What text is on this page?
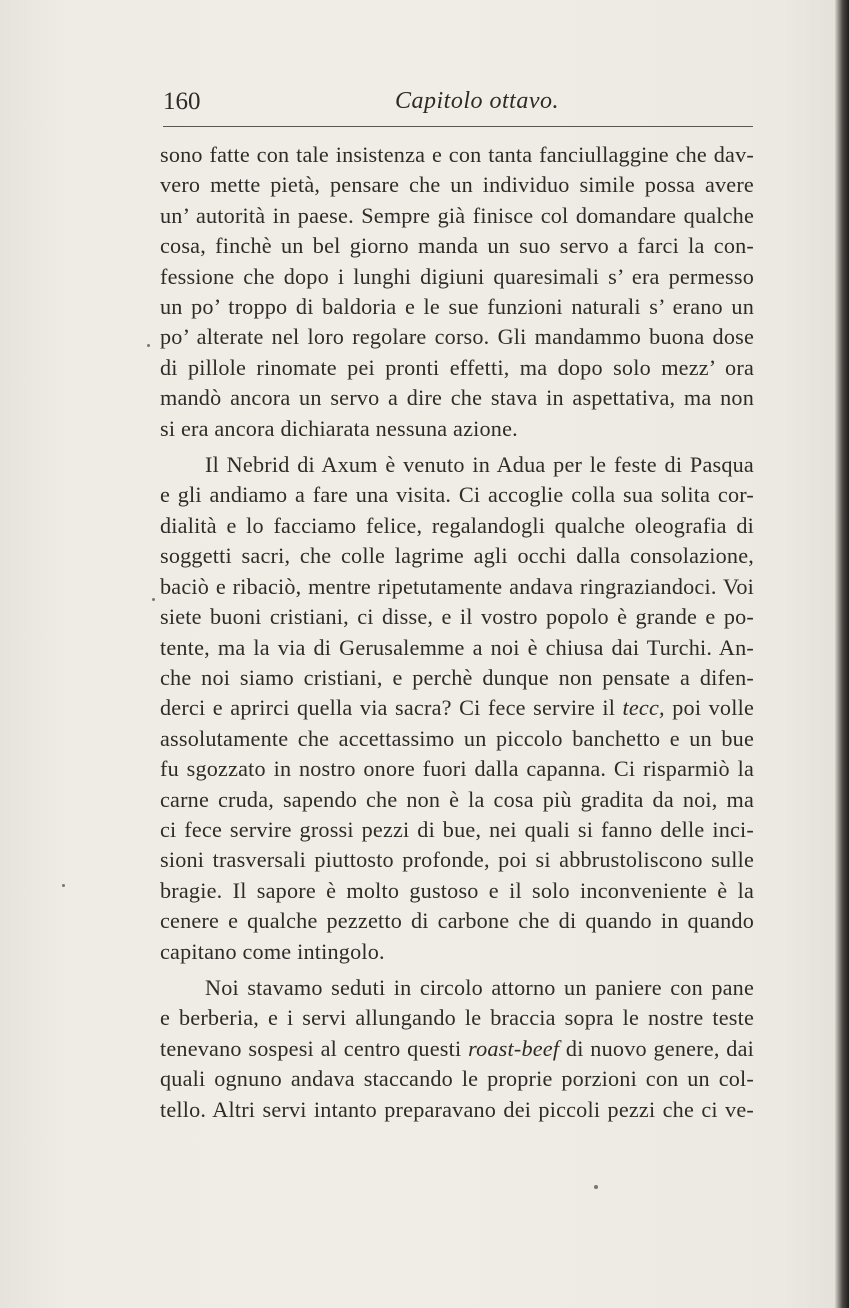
160	Capitolo ottavo.

sono fatte con tale insistenza e con tanta fanciullaggine che dav-
vero mette pietà, pensare che un individuo simile possa avere
un’ autorità in paese. Sempre già finisce col domandare qualche
cosa, finchè un bel giorno manda un suo servo a farci la con-
fessione che dopo i lunghi digiuni quaresimali s’ era permesso
un po’ troppo di baldoria e le sue funzioni naturali s’ erano un
po’ alterate nel loro regolare corso. Gli mandammo buona dose
di pillole rinomate pei pronti effetti, ma dopo solo mezz’ ora
mandò ancora un servo a dire che stava in aspettativa, ma non
si era ancora dichiarata nessuna azione.

Il Nebrid di Axum è venuto in Adua per le feste di Pasqua
e gli andiamo a fare una visita. Ci accoglie colla sua solita cor-
dialità e lo facciamo felice, regalandogli qualche oleografia di
soggetti sacri, che colle lagrime agli occhi dalla consolazione,
baciò e ribaciò, mentre ripetutamente andava ringraziandoci. Voi
siete buoni cristiani, ci disse, e il vostro popolo è grande e po-
tente, ma la via di Gerusalemme a noi è chiusa dai Turchi. An-
che noi siamo cristiani, e perchè dunque non pensate a difen-
derci e aprirci quella via sacra? Ci fece servire il tecc, poi volle
assolutamente che accettassimo un piccolo banchetto e un bue
fu sgozzato in nostro onore fuori dalla capanna. Ci risparmiò la
carne cruda, sapendo che non è la cosa più gradita da noi, ma
ci fece servire grossi pezzi di bue, nei quali si fanno delle inci-
sioni trasversali piuttosto profonde, poi si abbrustoliscono sulle
bragie. Il sapore è molto gustoso e il solo inconveniente è la
cenere e qualche pezzetto di carbone che di quando in quando
capitano come intingolo.

Noi stavamo seduti in circolo attorno un paniere con pane
e berberia, e i servi allungando le braccia sopra le nostre teste
tenevano sospesi al centro questi roast-beef di nuovo genere, dai
quali ognuno andava staccando le proprie porzioni con un col-
tello. Altri servi intanto preparavano dei piccoli pezzi che ci ve-
